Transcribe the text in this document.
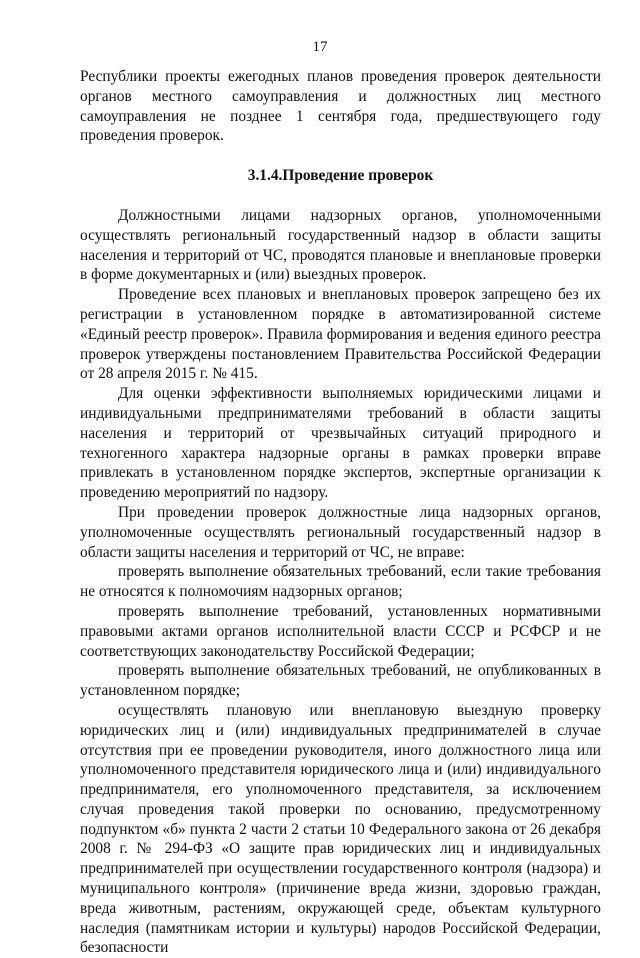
17

Республики проекты ежегодных планов проведения проверок деятельности органов местного самоуправления и должностных лиц местного самоуправления не позднее 1 сентября года, предшествующего году проведения проверок.

3.1.4.Проведение проверок

Должностными лицами надзорных органов, уполномоченными осуществлять региональный государственный надзор в области защиты населения и территорий от ЧС, проводятся плановые и внеплановые проверки в форме документарных и (или) выездных проверок.

Проведение всех плановых и внеплановых проверок запрещено без их регистрации в установленном порядке в автоматизированной системе «Единый реестр проверок». Правила формирования и ведения единого реестра проверок утверждены постановлением Правительства Российской Федерации от 28 апреля 2015 г. № 415.

Для оценки эффективности выполняемых юридическими лицами и индивидуальными предпринимателями требований в области защиты населения и территорий от чрезвычайных ситуаций природного и техногенного характера надзорные органы в рамках проверки вправе привлекать в установленном порядке экспертов, экспертные организации к проведению мероприятий по надзору.

При проведении проверок должностные лица надзорных органов, уполномоченные осуществлять региональный государственный надзор в области защиты населения и территорий от ЧС, не вправе:

проверять выполнение обязательных требований, если такие требования не относятся к полномочиям надзорных органов;

проверять выполнение требований, установленных нормативными правовыми актами органов исполнительной власти СССР и РСФСР и не соответствующих законодательству Российской Федерации;

проверять выполнение обязательных требований, не опубликованных в установленном порядке;

осуществлять плановую или внеплановую выездную проверку юридических лиц и (или) индивидуальных предпринимателей в случае отсутствия при ее проведении руководителя, иного должностного лица или уполномоченного представителя юридического лица и (или) индивидуального предпринимателя, его уполномоченного представителя, за исключением случая проведения такой проверки по основанию, предусмотренному подпунктом «б» пункта 2 части 2 статьи 10 Федерального закона от 26 декабря 2008 г. № 294-ФЗ «О защите прав юридических лиц и индивидуальных предпринимателей при осуществлении государственного контроля (надзора) и муниципального контроля» (причинение вреда жизни, здоровью граждан, вреда животным, растениям, окружающей среде, объектам культурного наследия (памятникам истории и культуры) народов Российской Федерации, безопасности
